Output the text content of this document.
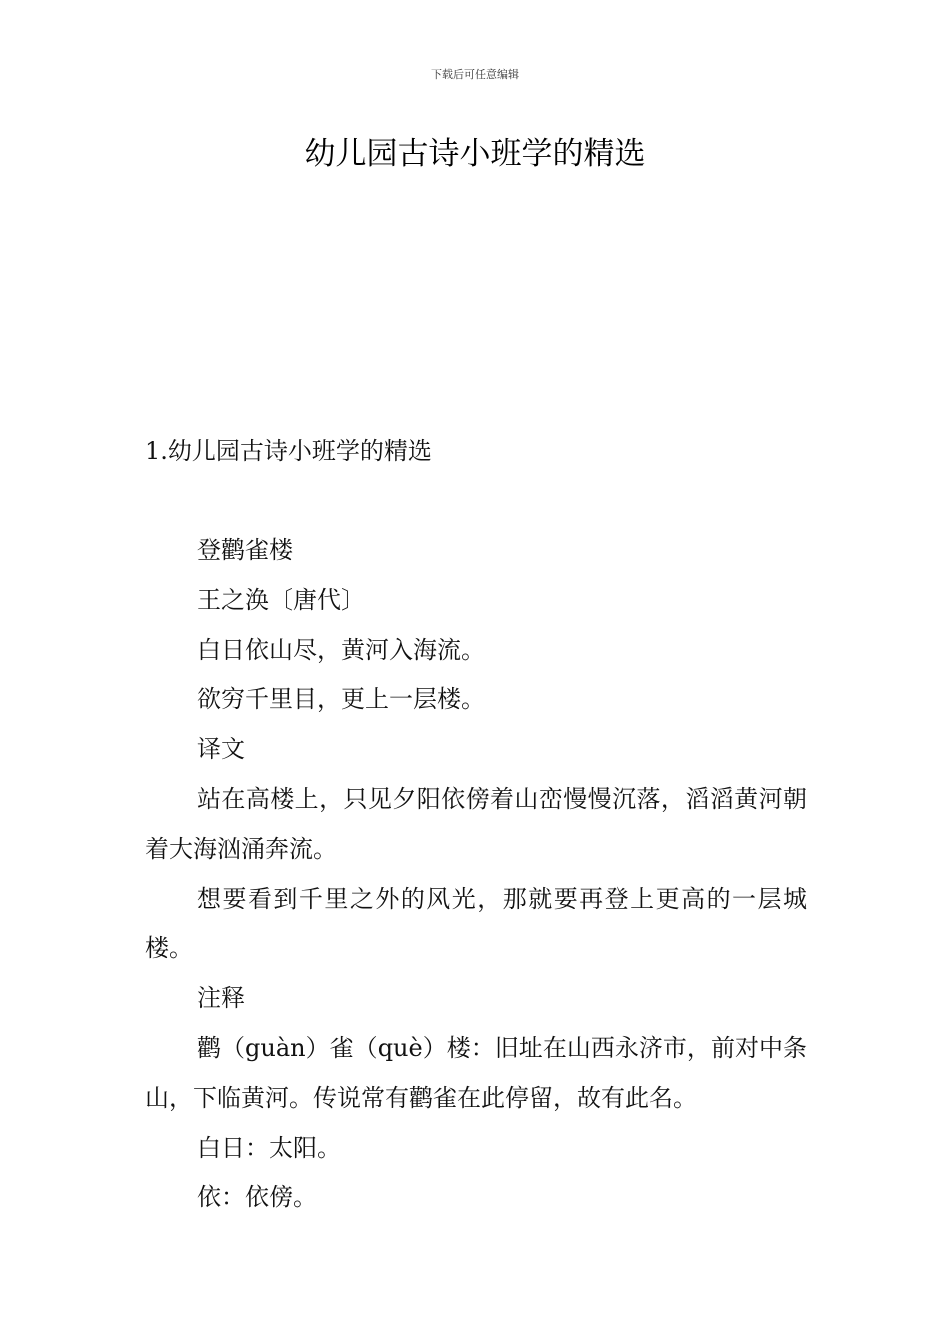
下载后可任意编辑
幼儿园古诗小班学的精选
1.幼儿园古诗小班学的精选

登鹳雀楼

王之涣〔唐代〕

白日依山尽，黄河入海流。

欲穷千里目，更上一层楼。

译文

站在高楼上，只见夕阳依傍着山峦慢慢沉落，滔滔黄河朝着大海汹涌奔流。

想要看到千里之外的风光，那就要再登上更高的一层城楼。

注释

鹳（guàn）雀（què）楼：旧址在山西永济市，前对中条山，下临黄河。传说常有鹳雀在此停留，故有此名。

白日：太阳。

依：依傍。
